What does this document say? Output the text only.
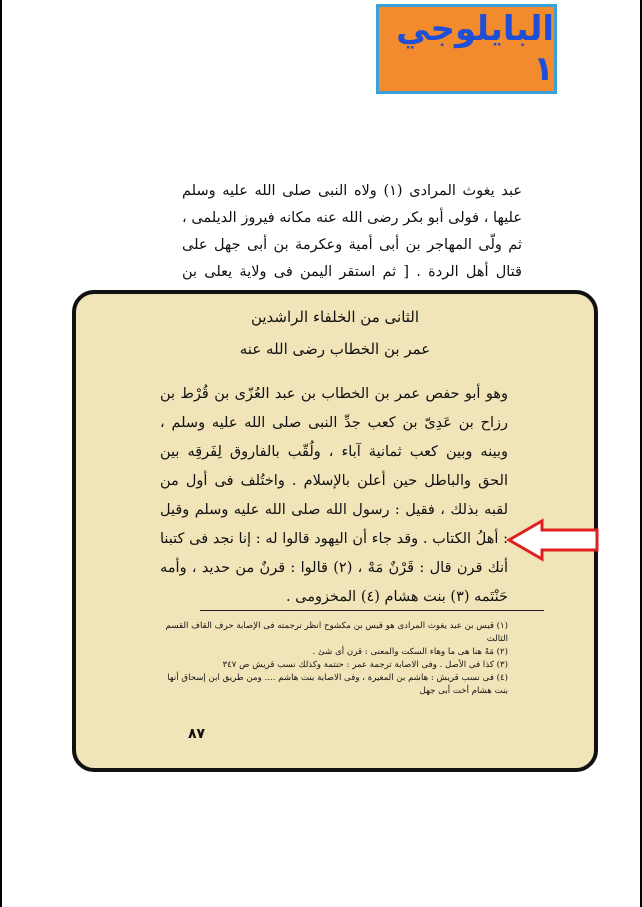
البايلوجي ١
عبد يغوث المرادى (١) ولاه النبى صلى الله عليه وسلم عليها ، فولى أبو بكر رضى الله عنه مكانه فيروز الديلمى ، ثم ولّى المهاجر بن أبى أمية وعكرمة بن أبى جهل على قتال أهل الردة . [ ثم استقر اليمن فى ولاية يعلى بن
الثانى من الخلفاء الراشدين
عمر بن الخطاب رضى الله عنه

وهو أبو حفص عمر بن الخطاب بن عبد العُزّى بن قُرْط بن رزاح بن عَدِىّ بن كعب جدِّ النبى صلى الله عليه وسلم ، وبينه وبين كعب ثمانية آباء ، ولُقّب بالفاروق لِفَرقِه بين الحق والباطل حين أعلن بالإسلام . واختُلف فى أول من لقبه بذلك ، فقيل : رسول الله صلى الله عليه وسلم وقيل : أهلُ الكتاب . وقد جاء أن اليهود قالوا له : إنا نجد فى كتبنا أنك قرن قال : قَرْنٌ مَهْ ، (٢) قالوا : قرنٌ من حديد ، وأمه حَنْتَمه (٣) بنت هشام (٤) المخزومى .

(١) قيس بن عبد يغوث المرادى هو قيس بن مكشوح انظر ترجمته فى الإصابة حرف القاف القسم الثالث
(٢) مَهْ هنا هى ما وهاء السكت والمعنى : قرن أى شئ .
(٣) كذا فى الأصل . وفى الاصابة ترجمة عمر : حنتمة وكذلك نسب قريش ص ٣٤٧
(٤) فى نسب قريش : هاشم بن المغيرة ، وفى الاصابة بنت هاشم .... ومن طريق ابن إسحاق أنها بنت هشام أخت أبى جهل
٨٧
